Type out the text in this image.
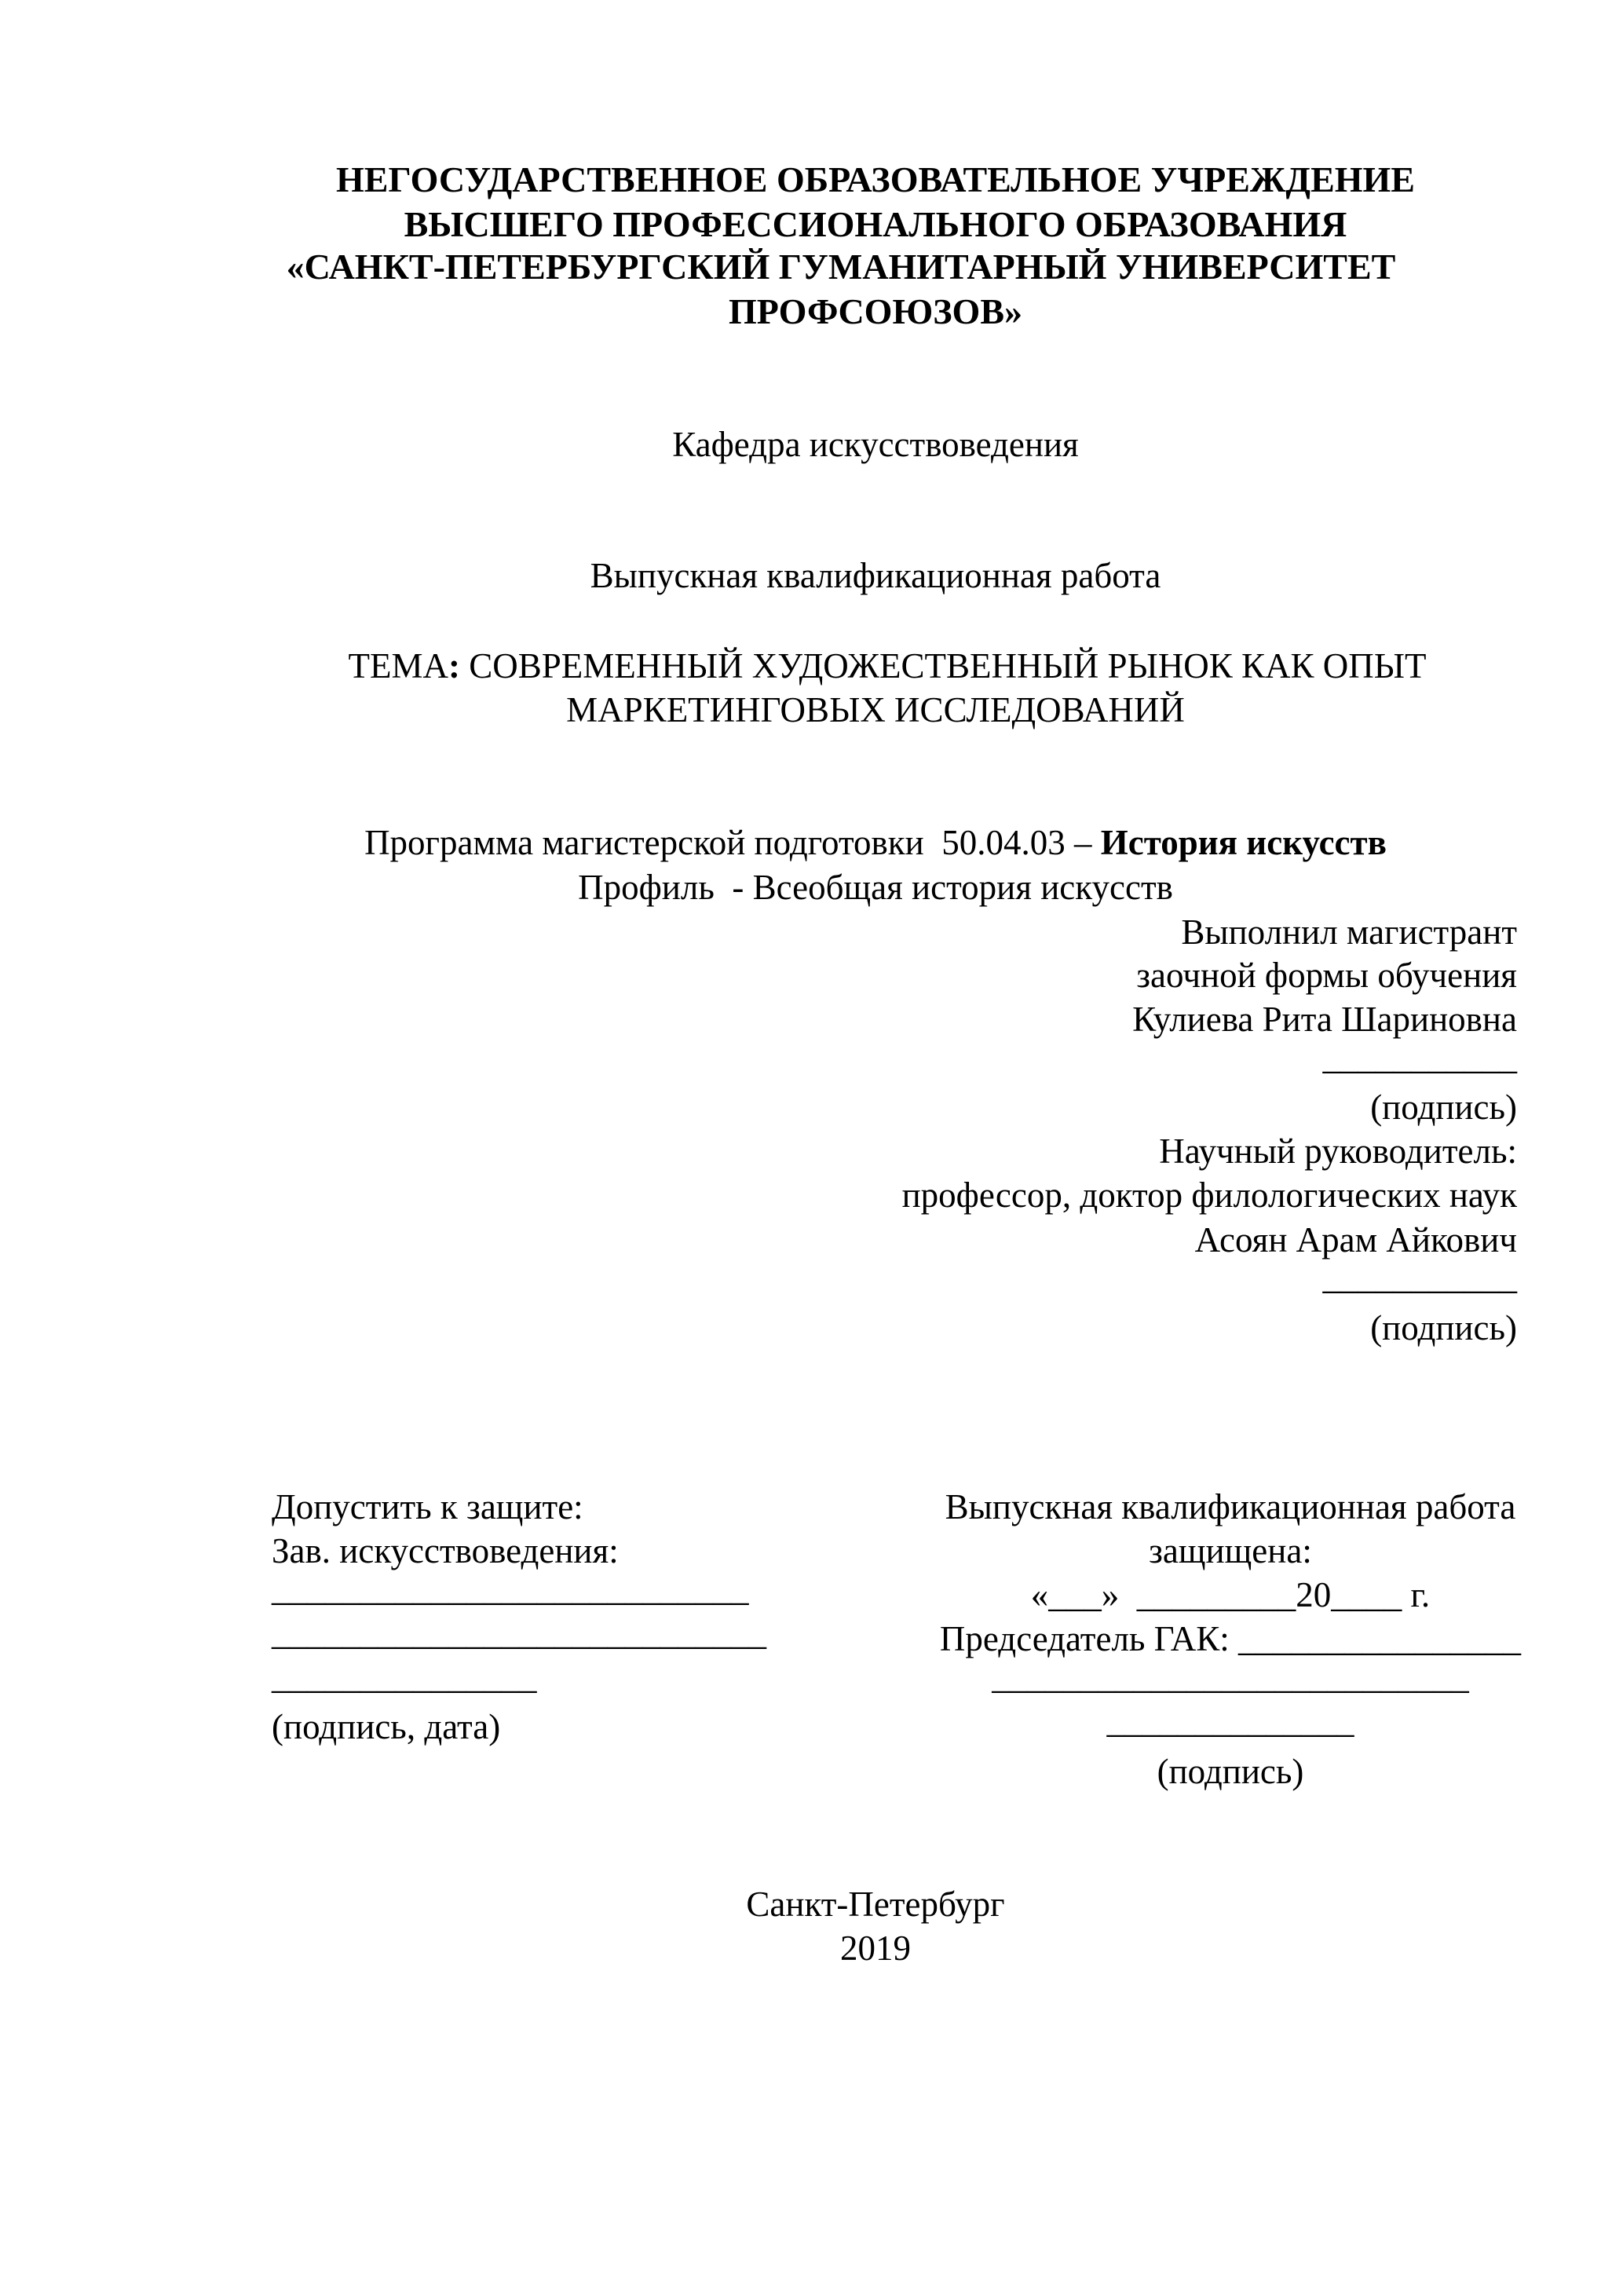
НЕГОСУДАРСТВЕННОЕ ОБРАЗОВАТЕЛЬНОЕ УЧРЕЖДЕНИЕ
ВЫСШЕГО ПРОФЕССИОНАЛЬНОГО ОБРАЗОВАНИЯ
«САНКТ-ПЕТЕРБУРГСКИЙ ГУМАНИТАРНЫЙ УНИВЕРСИТЕТ
ПРОФСОЮЗОВ»
Кафедра искусствоведения
Выпускная квалификационная работа
ТЕМА: СОВРЕМЕННЫЙ ХУДОЖЕСТВЕННЫЙ РЫНОК КАК ОПЫТ
МАРКЕТИНГОВЫХ ИССЛЕДОВАНИЙ
Программа магистерской подготовки  50.04.03 – История искусств
Профиль  - Всеобщая история искусств
Выполнил магистрант
заочной формы обучения
Кулиева Рита Шариновна
___________
(подпись)
Научный руководитель:
профессор, доктор филологических наук
Асоян Арам Айкович
___________
(подпись)
Допустить к защите:
Зав. искусствоведения:
___________________________
____________________________
_______________
(подпись, дата)
Выпускная квалификационная работа
защищена:
«___»  _________20____ г.
Председатель ГАК: ________________
___________________________
______________
(подпись)
Санкт-Петербург
2019
